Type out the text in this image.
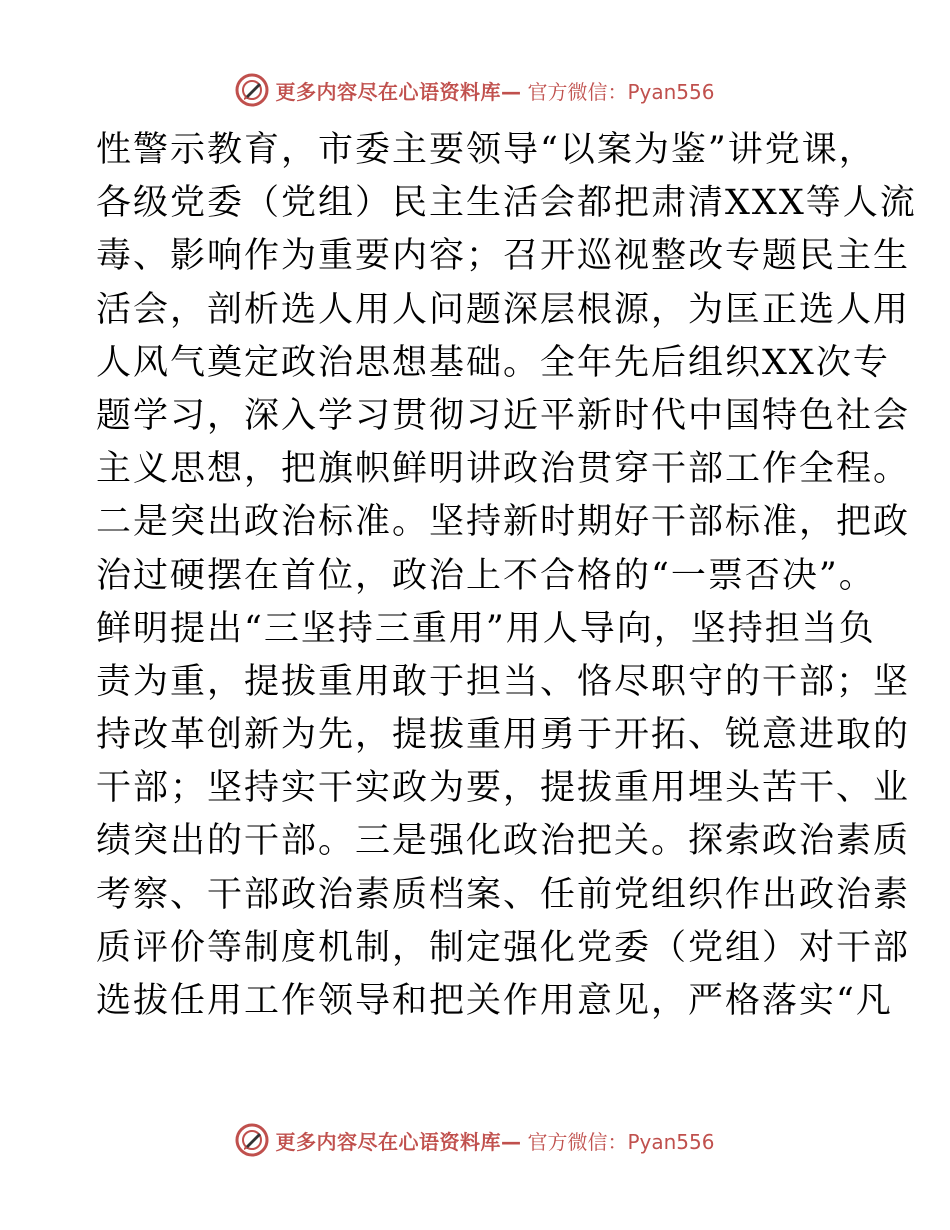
更多内容尽在心语资料库— 官方微信：Pyan556
性警示教育，市委主要领导“以案为鉴”讲党课，
各级党委（党组）民主生活会都把肃清XXX等人流
毒、影响作为重要内容；召开巡视整改专题民主生
活会，剖析选人用人问题深层根源，为匡正选人用
人风气奠定政治思想基础。全年先后组织XX次专
题学习，深入学习贯彻习近平新时代中国特色社会
主义思想，把旗帜鲜明讲政治贯穿干部工作全程。
二是突出政治标准。坚持新时期好干部标准，把政
治过硬摆在首位，政治上不合格的“一票否决”。
鲜明提出“三坚持三重用”用人导向，坚持担当负
责为重，提拔重用敢于担当、恪尽职守的干部；坚
持改革创新为先，提拔重用勇于开拓、锐意进取的
干部；坚持实干实政为要，提拔重用埋头苦干、业
绩突出的干部。三是强化政治把关。探索政治素质
考察、干部政治素质档案、任前党组织作出政治素
质评价等制度机制，制定强化党委（党组）对干部
选拔任用工作领导和把关作用意见，严格落实“凡
更多内容尽在心语资料库— 官方微信：Pyan556
